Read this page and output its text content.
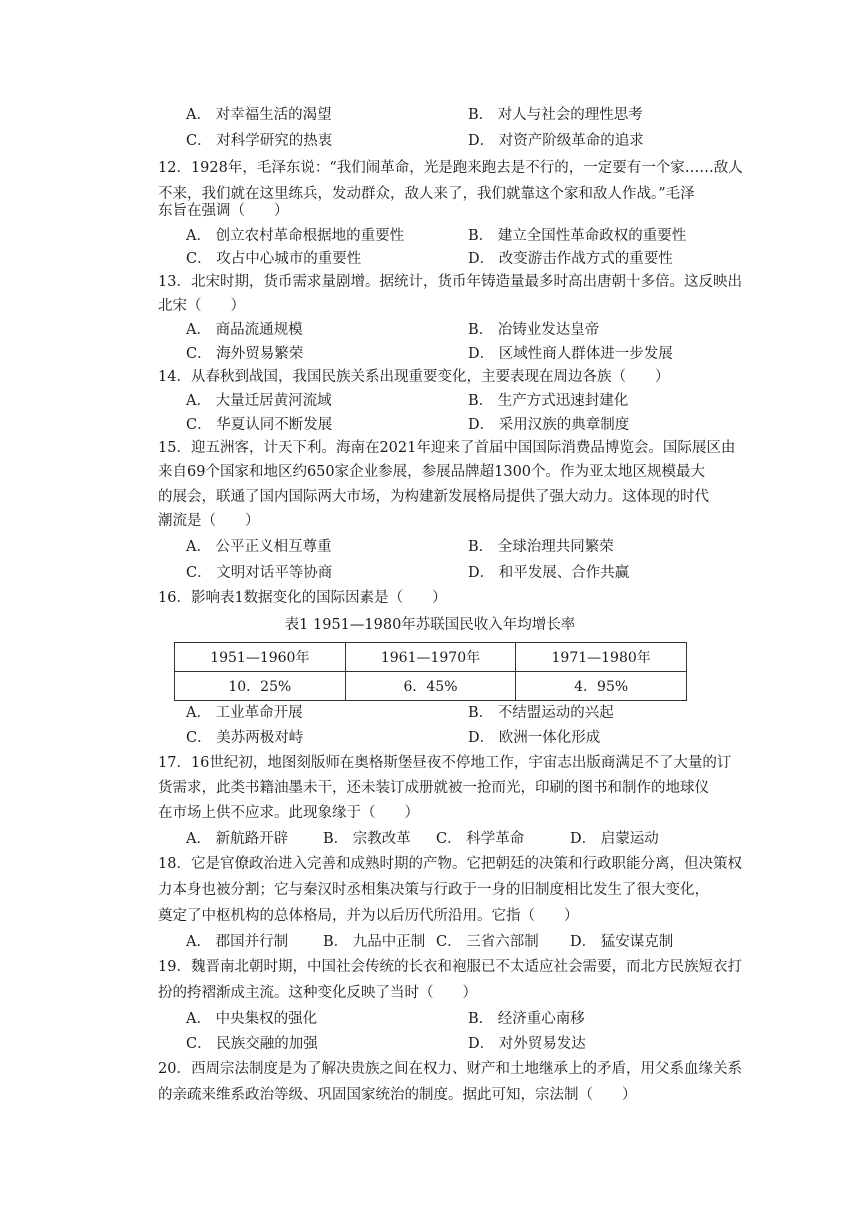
A． 对幸福生活的渴望	B． 对人与社会的理性思考
C． 对科学研究的热衷	D． 对资产阶级革命的追求
12．1928年，毛泽东说：“我们闹革命，光是跑来跑去是不行的，一定要有一个家……敌人
不来，我们就在这里练兵，发动群众，敌人来了，我们就靠这个家和敌人作战。”毛泽
东旨在强调（　　）
A． 创立农村革命根据地的重要性	B． 建立全国性革命政权的重要性
C． 攻占中心城市的重要性	D． 改变游击作战方式的重要性
13．北宋时期，货币需求量剧增。据统计，货币年铸造量最多时高出唐朝十多倍。这反映出
北宋（　　）
A． 商品流通规模	B． 冶铸业发达皇帝
C． 海外贸易繁荣	D． 区域性商人群体进一步发展
14．从春秋到战国，我国民族关系出现重要变化，主要表现在周边各族（　　）
A． 大量迁居黄河流域	B． 生产方式迅速封建化
C． 华夏认同不断发展	D． 采用汉族的典章制度
15．迎五洲客，计天下利。海南在2021年迎来了首届中国国际消费品博览会。国际展区由
来自69个国家和地区约650家企业参展，参展品牌超1300个。作为亚太地区规模最大
的展会，联通了国内国际两大市场，为构建新发展格局提供了强大动力。这体现的时代
潮流是（　　）
A． 公平正义相互尊重	B． 全球治理共同繁荣
C． 文明对话平等协商	D． 和平发展、合作共赢
16．影响表1数据变化的国际因素是（　　）
表1 1951—1980年苏联国民收入年均增长率
1951—1960年	1961—1970年	1971—1980年
10．25%	6．45%	4．95%
A． 工业革命开展	B． 不结盟运动的兴起
C． 美苏两极对峙	D． 欧洲一体化形成
17．16世纪初，地图刻版师在奥格斯堡昼夜不停地工作，宇宙志出版商满足不了大量的订
货需求，此类书籍油墨未干，还未装订成册就被一抢而光，印刷的图书和制作的地球仪
在市场上供不应求。此现象缘于（　　）
A． 新航路开辟 B． 宗教改革 C． 科学革命	D． 启蒙运动
18．它是官僚政治进入完善和成熟时期的产物。它把朝廷的决策和行政职能分离，但决策权
力本身也被分割；它与秦汉时丞相集决策与行政于一身的旧制度相比发生了很大变化，
奠定了中枢机构的总体格局，并为以后历代所沿用。它指（　　）
A． 郡国并行制 B． 九品中正制 C． 三省六部制 D． 猛安谋克制
19．魏晋南北朝时期，中国社会传统的长衣和袍服已不太适应社会需要，而北方民族短衣打
扮的挎褶渐成主流。这种变化反映了当时（　　）
A． 中央集权的强化	B． 经济重心南移
C． 民族交融的加强	D． 对外贸易发达
20．西周宗法制度是为了解决贵族之间在权力、财产和土地继承上的矛盾，用父系血缘关系
的亲疏来维系政治等级、巩固国家统治的制度。据此可知，宗法制（　　）
